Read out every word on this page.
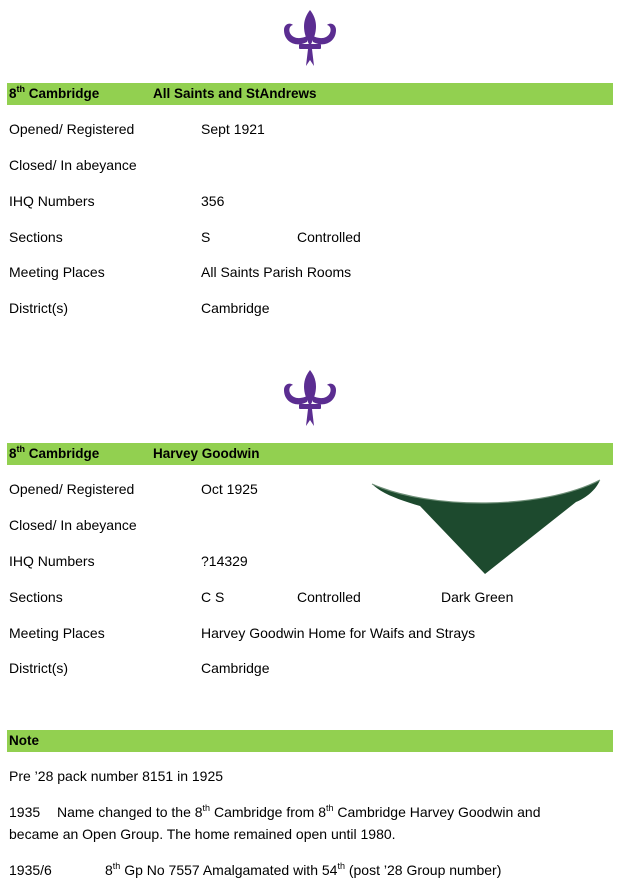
8th Cambridge	All Saints and StAndrews
Opened/ Registered	Sept 1921
Closed/ In abeyance
IHQ Numbers	356
Sections	S	Controlled
Meeting Places	All Saints Parish Rooms
District(s)	Cambridge
8th Cambridge	Harvey Goodwin
Opened/ Registered	Oct 1925
Closed/ In abeyance
IHQ Numbers	?14329
Sections	C S	Controlled	Dark Green
Meeting Places	Harvey Goodwin Home for Waifs and Strays
District(s)	Cambridge
Note
Pre ’28 pack number 8151 in 1925
1935 Name changed to the 8th Cambridge from 8th Cambridge Harvey Goodwin and
became an Open Group. The home remained open until 1980.
1935/6	8th Gp No 7557 Amalgamated with 54th (post ’28 Group number)
